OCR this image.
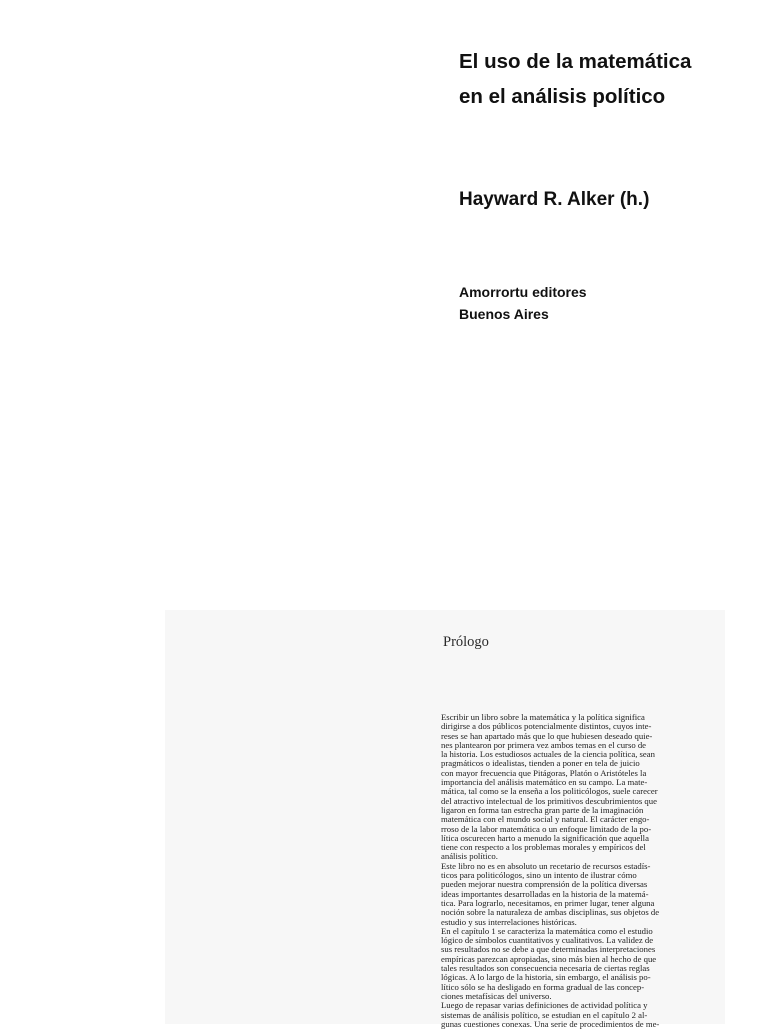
El uso de la matemática
en el análisis político
Hayward R. Alker (h.)
Amorrortu editores
Buenos Aires
Prólogo
Escribir un libro sobre la matemática y la política significa
dirigirse a dos públicos potencialmente distintos, cuyos inte-
reses se han apartado más que lo que hubiesen deseado quie-
nes plantearon por primera vez ambos temas en el curso de
la historia. Los estudiosos actuales de la ciencia política, sean
pragmáticos o idealistas, tienden a poner en tela de juicio
con mayor frecuencia que Pitágoras, Platón o Aristóteles la
importancia del análisis matemático en su campo. La mate-
mática, tal como se la enseña a los politicólogos, suele carecer
del atractivo intelectual de los primitivos descubrimientos que
ligaron en forma tan estrecha gran parte de la imaginación
matemática con el mundo social y natural. El carácter engo-
rroso de la labor matemática o un enfoque limitado de la po-
lítica oscurecen harto a menudo la significación que aquella
tiene con respecto a los problemas morales y empíricos del
análisis político.
Este libro no es en absoluto un recetario de recursos estadís-
ticos para politicólogos, sino un intento de ilustrar cómo
pueden mejorar nuestra comprensión de la política diversas
ideas importantes desarrolladas en la historia de la matemá-
tica. Para lograrlo, necesitamos, en primer lugar, tener alguna
noción sobre la naturaleza de ambas disciplinas, sus objetos de
estudio y sus interrelaciones históricas.
En el capítulo 1 se caracteriza la matemática como el estudio
lógico de símbolos cuantitativos y cualitativos. La validez de
sus resultados no se debe a que determinadas interpretaciones
empíricas parezcan apropiadas, sino más bien al hecho de que
tales resultados son consecuencia necesaria de ciertas reglas
lógicas. A lo largo de la historia, sin embargo, el análisis po-
lítico sólo se ha desligado en forma gradual de las concep-
ciones metafísicas del universo.
Luego de repasar varias definiciones de actividad política y
sistemas de análisis político, se estudian en el capítulo 2 al-
gunas cuestiones conexas. Una serie de procedimientos de me-
